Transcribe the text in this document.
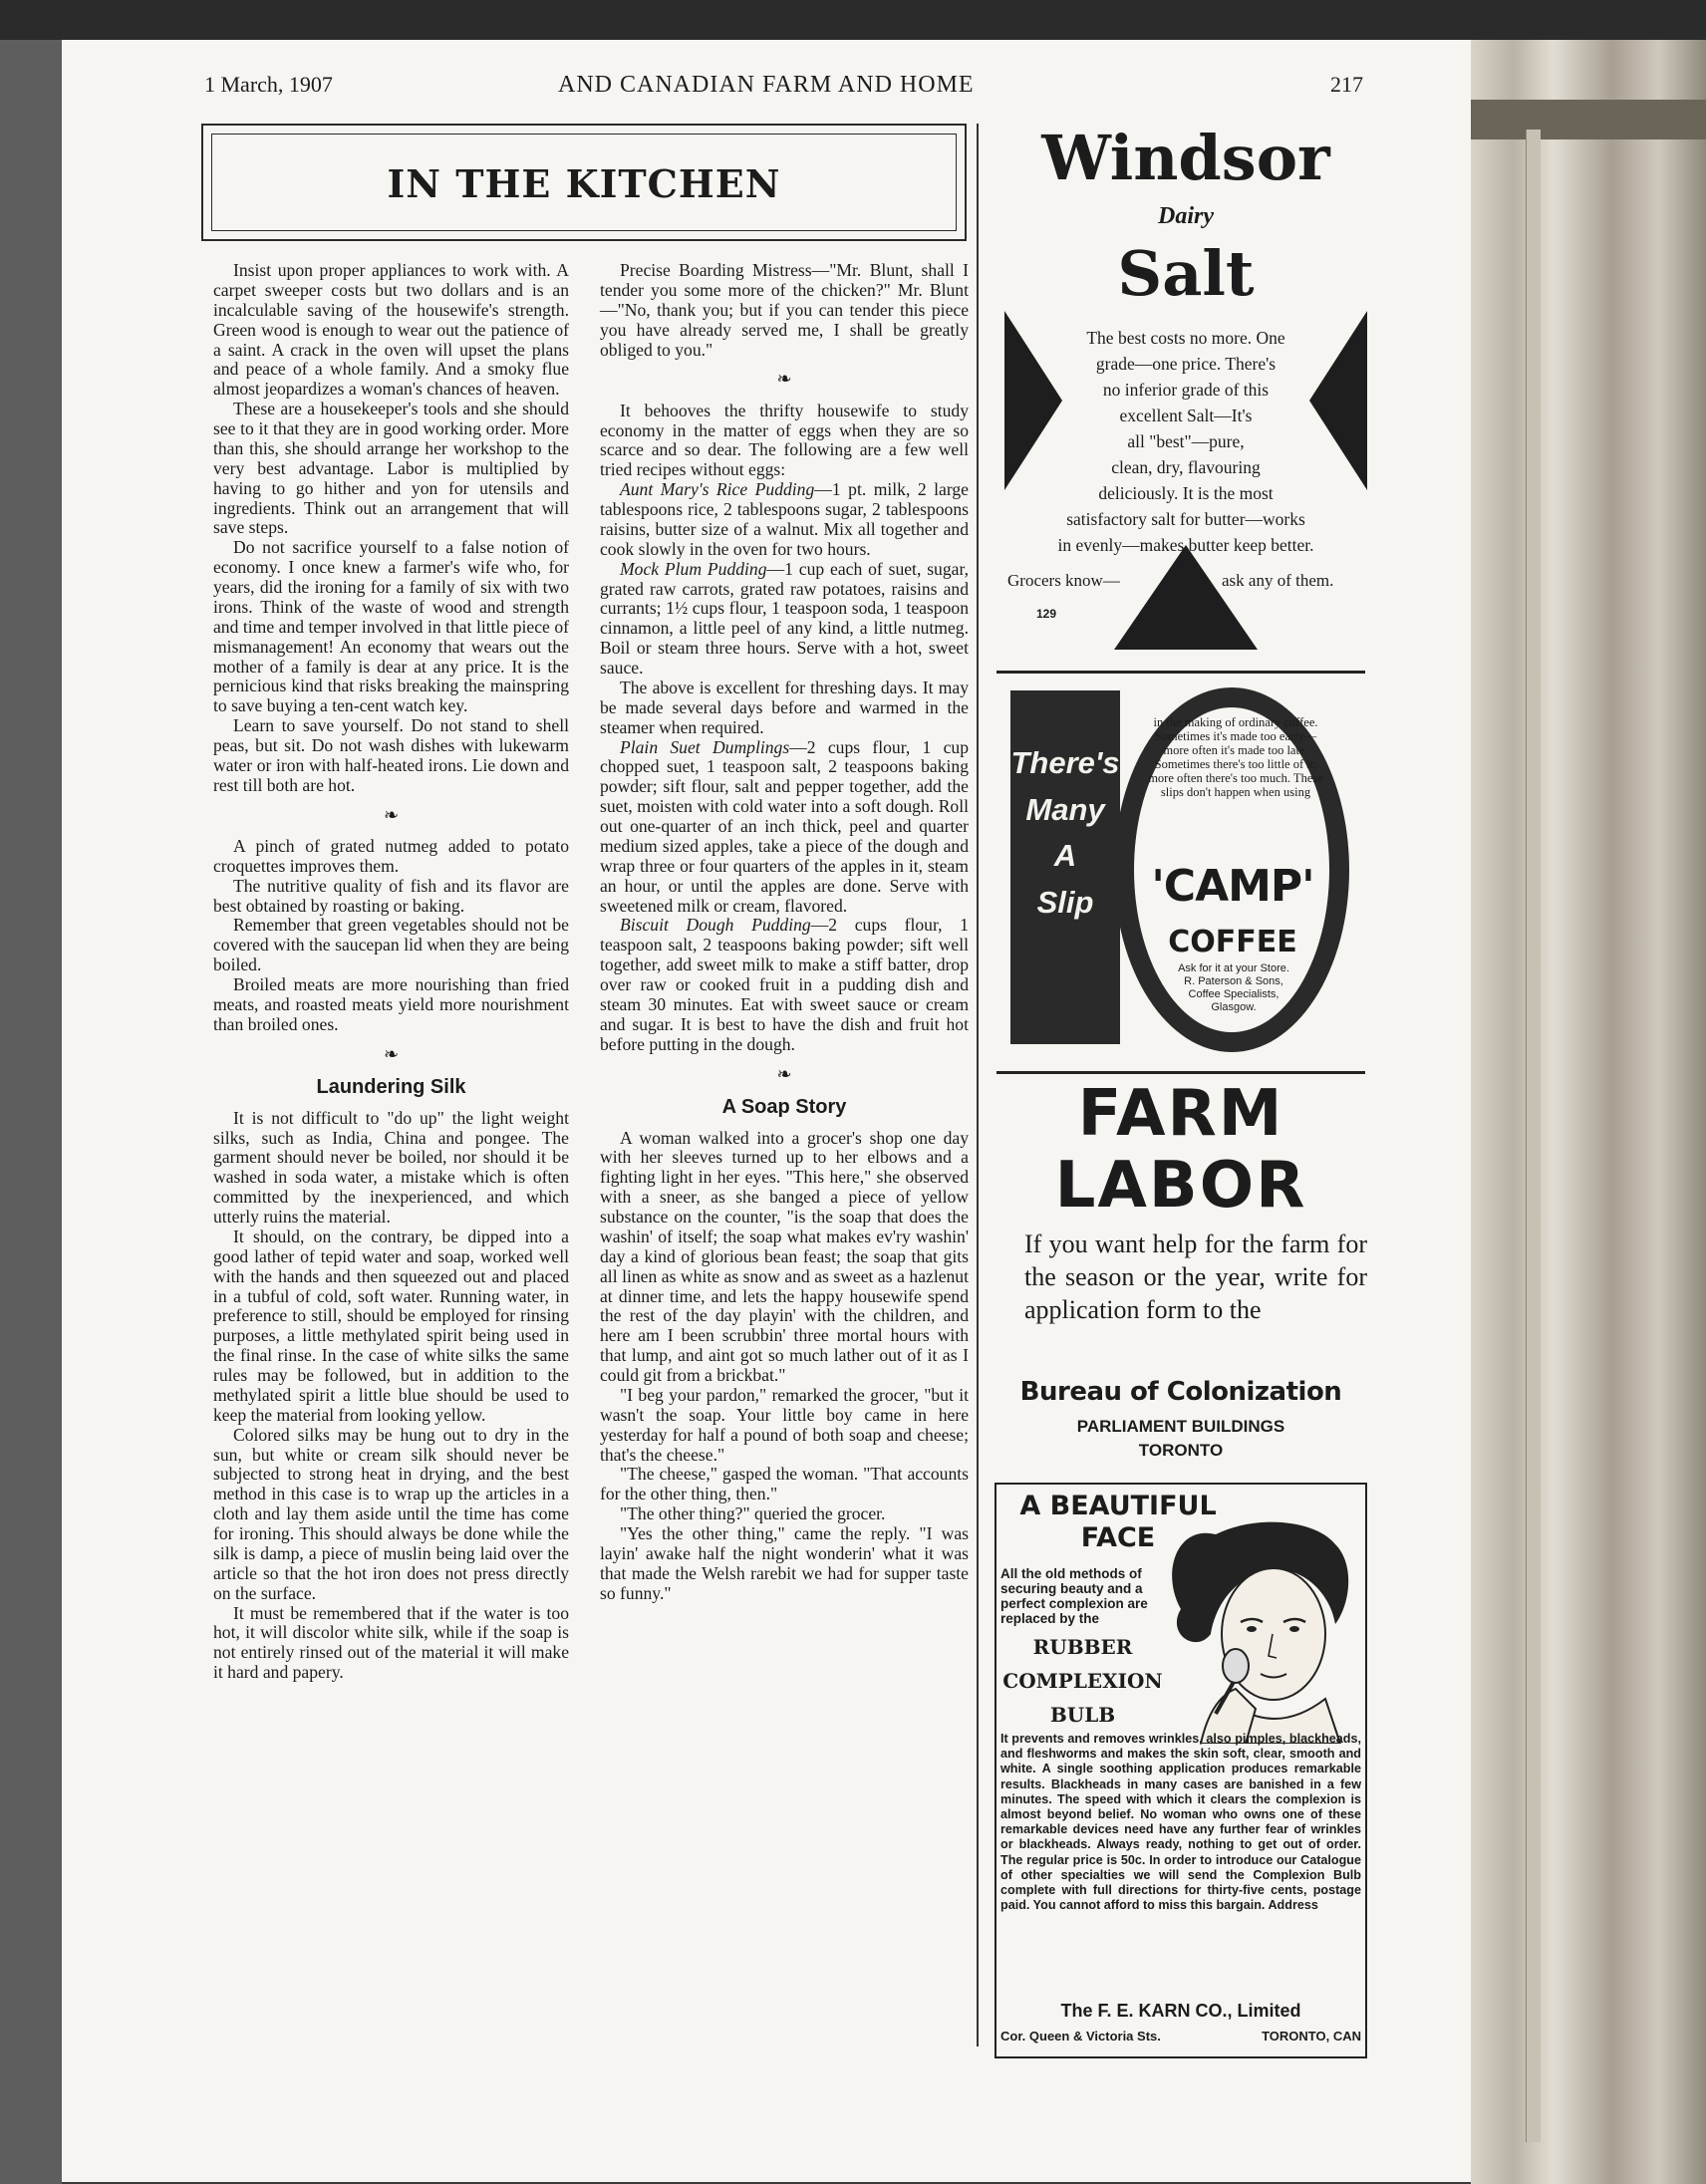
1 March, 1907	AND CANADIAN FARM AND HOME	217
IN THE KITCHEN

Insist upon proper appliances to work with. A carpet sweeper costs but two dollars and is an incalculable saving of the housewife's strength. Green wood is enough to wear out the patience of a saint. A crack in the oven will upset the plans and peace of a whole family. And a smoky flue almost jeopardizes a woman's chances of heaven.

These are a housekeeper's tools and she should see to it that they are in good working order. More than this, she should arrange her workshop to the very best advantage. Labor is multiplied by having to go hither and yon for utensils and ingredients. Think out an arrangement that will save steps.

Do not sacrifice yourself to a false notion of economy. I once knew a farmer's wife who, for years, did the ironing for a family of six with two irons. Think of the waste of wood and strength and time and temper involved in that little piece of mismanagement! An economy that wears out the mother of a family is dear at any price. It is the pernicious kind that risks breaking the mainspring to save buying a ten-cent watch key.

Learn to save yourself. Do not stand to shell peas, but sit. Do not wash dishes with lukewarm water or iron with half-heated irons. Lie down and rest till both are hot.

❧

A pinch of grated nutmeg added to potato croquettes improves them.

The nutritive quality of fish and its flavor are best obtained by roasting or baking.

Remember that green vegetables should not be covered with the saucepan lid when they are being boiled.

Broiled meats are more nourishing than fried meats, and roasted meats yield more nourishment than broiled ones.

❧

Laundering Silk

It is not difficult to "do up" the light weight silks, such as India, China and pongee. The garment should never be boiled, nor should it be washed in soda water, a mistake which is often committed by the inexperienced, and which utterly ruins the material.

It should, on the contrary, be dipped into a good lather of tepid water and soap, worked well with the hands and then squeezed out and placed in a tubful of cold, soft water. Running water, in preference to still, should be employed for rinsing purposes, a little methylated spirit being used in the final rinse. In the case of white silks the same rules may be followed, but in addition to the methylated spirit a little blue should be used to keep the material from looking yellow.

Colored silks may be hung out to dry in the sun, but white or cream silk should never be subjected to strong heat in drying, and the best method in this case is to wrap up the articles in a cloth and lay them aside until the time has come for ironing. This should always be done while the silk is damp, a piece of muslin being laid over the article so that the hot iron does not press directly on the surface.

It must be remembered that if the water is too hot, it will discolor white silk, while if the soap is not entirely rinsed out of the material it will make it hard and papery.

Precise Boarding Mistress—"Mr. Blunt, shall I tender you some more of the chicken?" Mr. Blunt—"No, thank you; but if you can tender this piece you have already served me, I shall be greatly obliged to you."

❧

It behooves the thrifty housewife to study economy in the matter of eggs when they are so scarce and so dear. The following are a few well tried recipes without eggs:

Aunt Mary's Rice Pudding—1 pt. milk, 2 large tablespoons rice, 2 tablespoons sugar, 2 tablespoons raisins, butter size of a walnut. Mix all together and cook slowly in the oven for two hours.

Mock Plum Pudding—1 cup each of suet, sugar, grated raw carrots, grated raw potatoes, raisins and currants; 1½ cups flour, 1 teaspoon soda, 1 teaspoon cinnamon, a little peel of any kind, a little nutmeg. Boil or steam three hours. Serve with a hot, sweet sauce.

The above is excellent for threshing days. It may be made several days before and warmed in the steamer when required.

Plain Suet Dumplings—2 cups flour, 1 cup chopped suet, 1 teaspoon salt, 2 teaspoons baking powder; sift flour, salt and pepper together, add the suet, moisten with cold water into a soft dough. Roll out one-quarter of an inch thick, peel and quarter medium sized apples, take a piece of the dough and wrap three or four quarters of the apples in it, steam an hour, or until the apples are done. Serve with sweetened milk or cream, flavored.

Biscuit Dough Pudding—2 cups flour, 1 teaspoon salt, 2 teaspoons baking powder; sift well together, add sweet milk to make a stiff batter, drop over raw or cooked fruit in a pudding dish and steam 30 minutes. Eat with sweet sauce or cream and sugar. It is best to have the dish and fruit hot before putting in the dough.

❧

A Soap Story

A woman walked into a grocer's shop one day with her sleeves turned up to her elbows and a fighting light in her eyes. "This here," she observed with a sneer, as she banged a piece of yellow substance on the counter, "is the soap that does the washin' of itself; the soap what makes ev'ry washin' day a kind of glorious bean feast; the soap that gits all linen as white as snow and as sweet as a hazlenut at dinner time, and lets the happy housewife spend the rest of the day playin' with the children, and here am I been scrubbin' three mortal hours with that lump, and aint got so much lather out of it as I could git from a brickbat."

"I beg your pardon," remarked the grocer, "but it wasn't the soap. Your little boy came in here yesterday for half a pound of both soap and cheese; that's the cheese."

"The cheese," gasped the woman. "That accounts for the other thing, then."

"The other thing?" queried the grocer.

"Yes the other thing," came the reply. "I was layin' awake half the night wonderin' what it was that made the Welsh rarebit we had for supper taste so funny."

Windsor
Dairy
Salt
The best costs no more. One
grade—one price. There's
no inferior grade of this
excellent Salt—It's
all "best"—pure,
clean, dry, flavouring
deliciously. It is the most
satisfactory salt for butter—works
in evenly—makes butter keep better.
Grocers know—	ask any of them.
129
There's
Many
A
Slip
in the making of ordinary coffee. Sometimes it's made too early—more often it's made too late. Sometimes there's too little of it, more often there's too much. These slips don't happen when using
'CAMP'
COFFEE
Ask for it at your Store.
R. Paterson & Sons,
Coffee Specialists,
Glasgow.
FARM
LABOR
If you want help for the farm for the season or the year, write for application form to the
Bureau of Colonization
PARLIAMENT BUILDINGS
TORONTO
A BEAUTIFUL
FACE
All the old methods of securing beauty and a perfect complexion are replaced by the
RUBBER
COMPLEXION
BULB
It prevents and removes wrinkles, also pimples, blackheads, and fleshworms and makes the skin soft, clear, smooth and white. A single soothing application produces remarkable results. Blackheads in many cases are banished in a few minutes. The speed with which it clears the complexion is almost beyond belief. No woman who owns one of these remarkable devices need have any further fear of wrinkles or blackheads. Always ready, nothing to get out of order. The regular price is 50c. In order to introduce our Catalogue of other specialties we will send the Complexion Bulb complete with full directions for thirty-five cents, postage paid. You cannot afford to miss this bargain. Address
The F. E. KARN CO., Limited
Cor. Queen & Victoria Sts.	TORONTO, CAN
